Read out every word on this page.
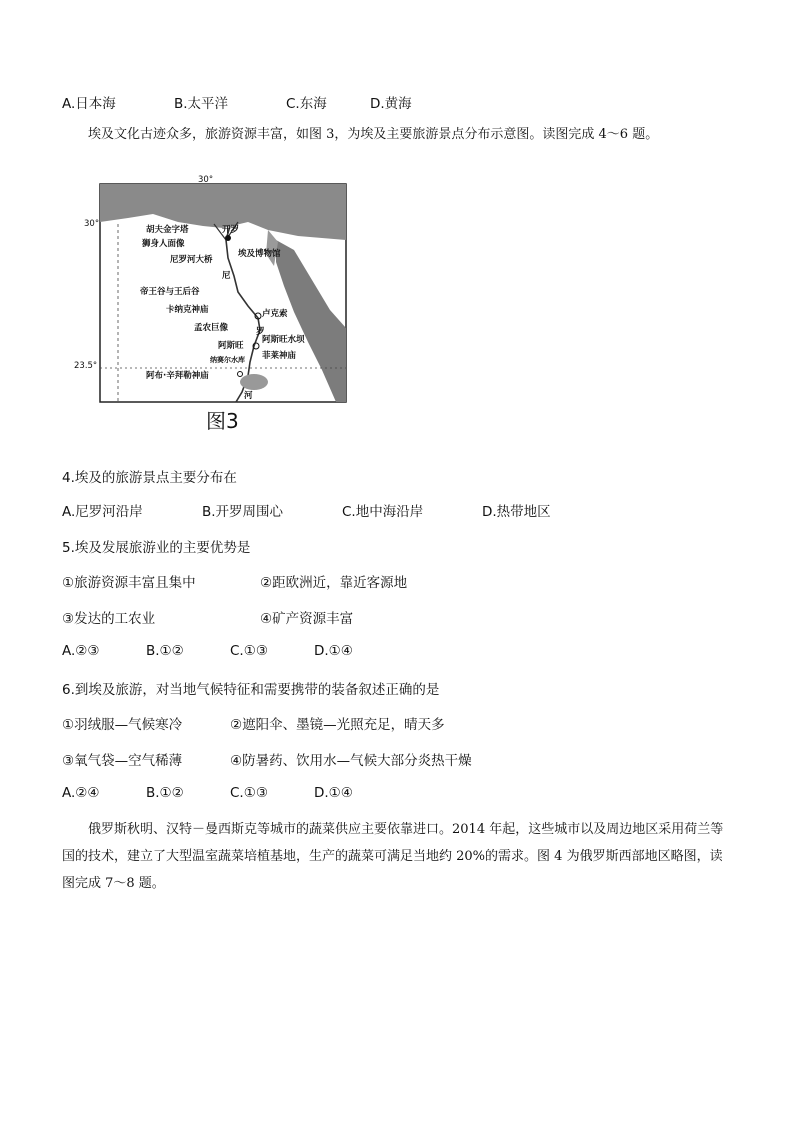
A.日本海	B.太平洋	C.东海	D.黄海
埃及文化古迹众多，旅游资源丰富，如图 3，为埃及主要旅游景点分布示意图。读图完成 4～6 题。
30°
30°
23.5°
胡夫金字塔	开罗
狮身人面像
尼罗河大桥
埃及博物馆
尼
帝王谷与王后谷
卡纳克神庙	卢克索
罗
孟农巨像
阿斯旺水坝
阿斯旺
菲莱神庙
纳赛尔水库
阿布·辛拜勒神庙
河
图3
4.埃及的旅游景点主要分布在
A.尼罗河沿岸	B.开罗周围心	C.地中海沿岸	D.热带地区
5.埃及发展旅游业的主要优势是
①旅游资源丰富且集中	②距欧洲近，靠近客源地
③发达的工农业	④矿产资源丰富
A.②③	B.①②	C.①③	D.①④
6.到埃及旅游，对当地气候特征和需要携带的装备叙述正确的是
①羽绒服—气候寒冷	②遮阳伞、墨镜—光照充足，晴天多
③氧气袋—空气稀薄	④防暑药、饮用水—气候大部分炎热干燥
A.②④	B.①②	C.①③	D.①④
俄罗斯秋明、汉特－曼西斯克等城市的蔬菜供应主要依靠进口。2014 年起，这些城市以及周边地区采用荷兰等国的技术，建立了大型温室蔬菜培植基地，生产的蔬菜可满足当地约 20%的需求。图 4 为俄罗斯西部地区略图，读图完成 7～8 题。
